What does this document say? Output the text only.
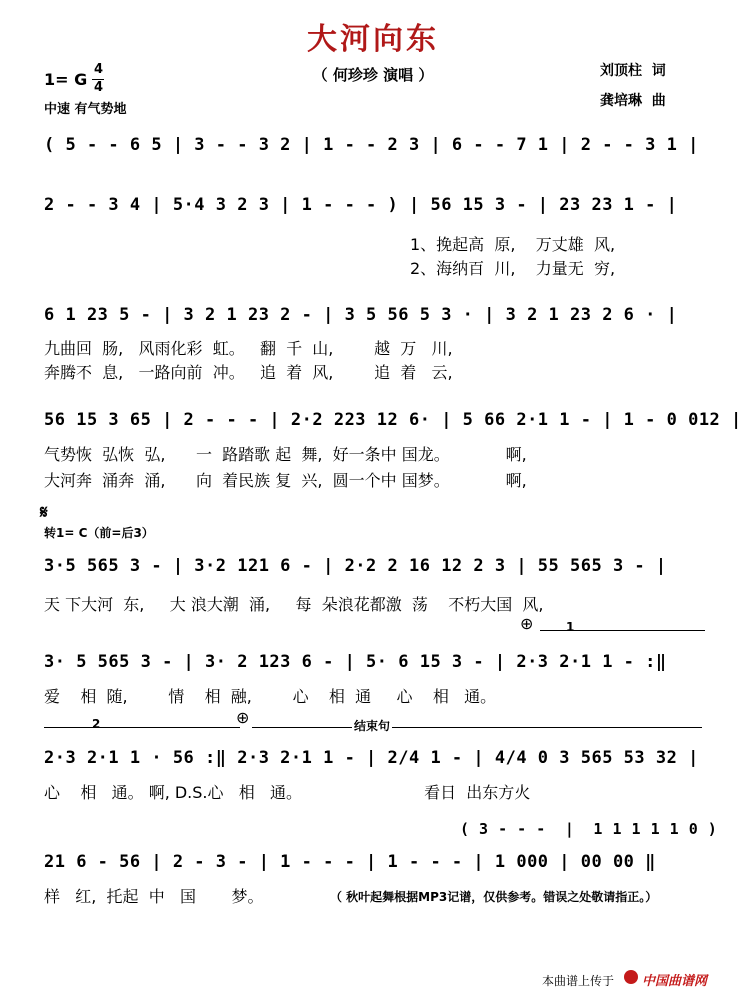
大河向东
（ 何珍珍 演唱 ）
1= G
4
4
中速 有气势地
刘顶柱  词
龚培琳  曲
( 5 - - 6 5 | 3 - - 3 2 | 1 - - 2 3 | 6 - - 7 1 | 2 - - 3 1 |
2 - - 3 4 | 5·4 3 2 3 | 1 - - - ) | 56 15 3 - | 23 23 1 - |
1、挽起高  原,    万丈雄  风,
2、海纳百  川,    力量无  穷,
6 1 23 5 - | 3 2 1 23 2 - | 3 5 56 5 3 · | 3 2 1 23 2 6 · |
九曲回  肠,   风雨化彩  虹。   翻  千  山,        越  万   川,
奔腾不  息,   一路向前  冲。   追  着  风,        追  着   云,
56 15 3 65 | 2 - - - | 2·2 223 12 6· | 5 66 2·1 1 - | 1 - 0 012 |
气势恢  弘恢  弘,      一  路踏歌 起  舞,  好一条中 国龙。           啊,
大河奔  涌奔  涌,      向  着民族 复  兴,  圆一个中 国梦。           啊,
𝄋
转1= C（前=后3）
3·5 565 3 - | 3·2 121 6 - | 2·2 2 16 12 2 3 | 55 565 3 - |
天 下大河  东,     大 浪大潮  涌,     每  朵浪花都激  荡    不朽大国  风,
⊕	1
3· 5 565 3 - | 3· 2 123 6 - | 5· 6 15 3 - | 2·3 2·1 1 - :‖
爱    相  随,        情    相  融,        心    相  通     心    相   通。
2	⊕	结束句
2·3 2·1 1 · 56 :‖ 2·3 2·1 1 - | 2/4 1 - | 4/4 0 3 565 53 32 |
心    相   通。 啊, D.S.心   相   通。                        看日  出东方火
( 3 - - -  |  1 1 1 1 1 0 )
21 6 - 56 | 2 - 3 - | 1 - - - | 1 - - - | 1 000 | 00 00 ‖
样   红,  托起  中   国       梦。	（ 秋叶起舞根据MP3记谱，仅供参考。错误之处敬请指正。）
本曲谱上传于 中国曲谱网
